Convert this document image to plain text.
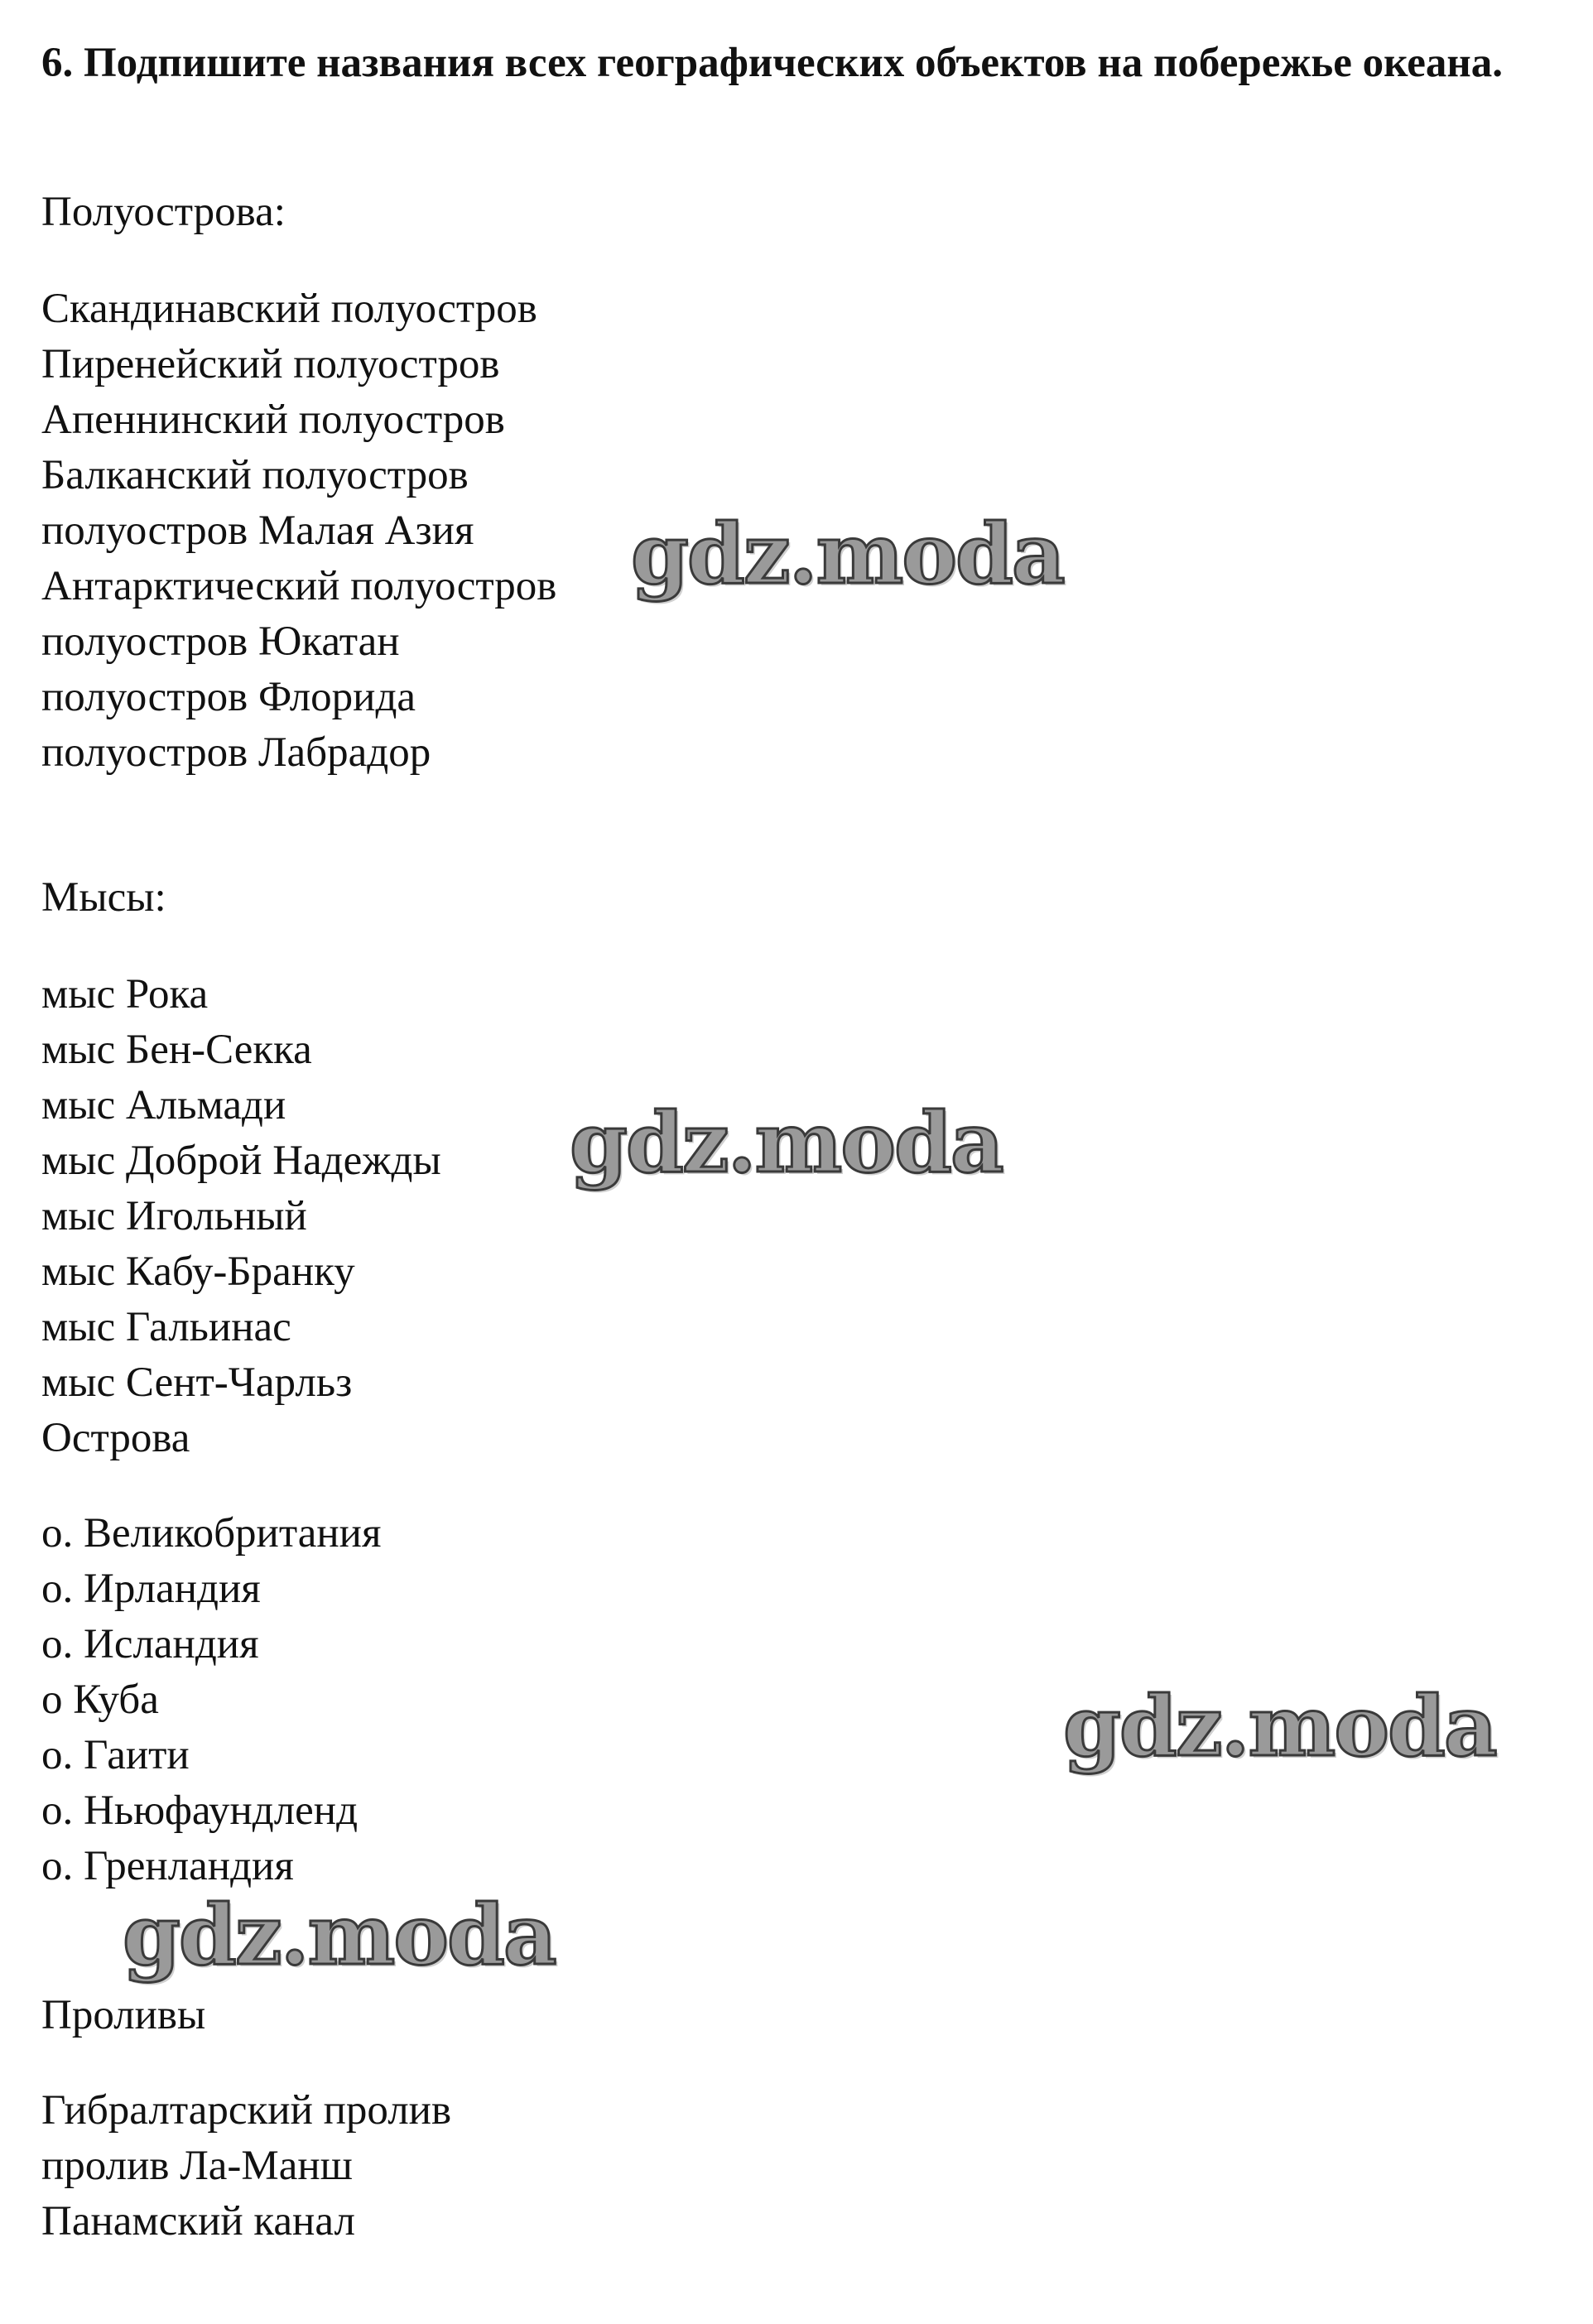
6. Подпишите названия всех географических объектов на побережье океана.

Полуострова:

Скандинавский полуостров

Пиренейский полуостров

Апеннинский полуостров

Балканский полуостров

полуостров Малая Азия

Антарктический полуостров

полуостров Юкатан

полуостров Флорида

полуостров Лабрадор

Мысы:

мыс Рока

мыс Бен-Секка

мыс Альмади

мыс Доброй Надежды

мыс Игольный

мыс Кабу-Бранку

мыс Гальинас

мыс Сент-Чарльз

Острова

о. Великобритания

о. Ирландия

о. Исландия

о Куба

о. Гаити

о. Ньюфаундленд

о. Гренландия

Проливы

Гибралтарский пролив

пролив Ла-Манш

Панамский канал

gdz.moda
gdz.moda
gdz.moda
gdz.moda
